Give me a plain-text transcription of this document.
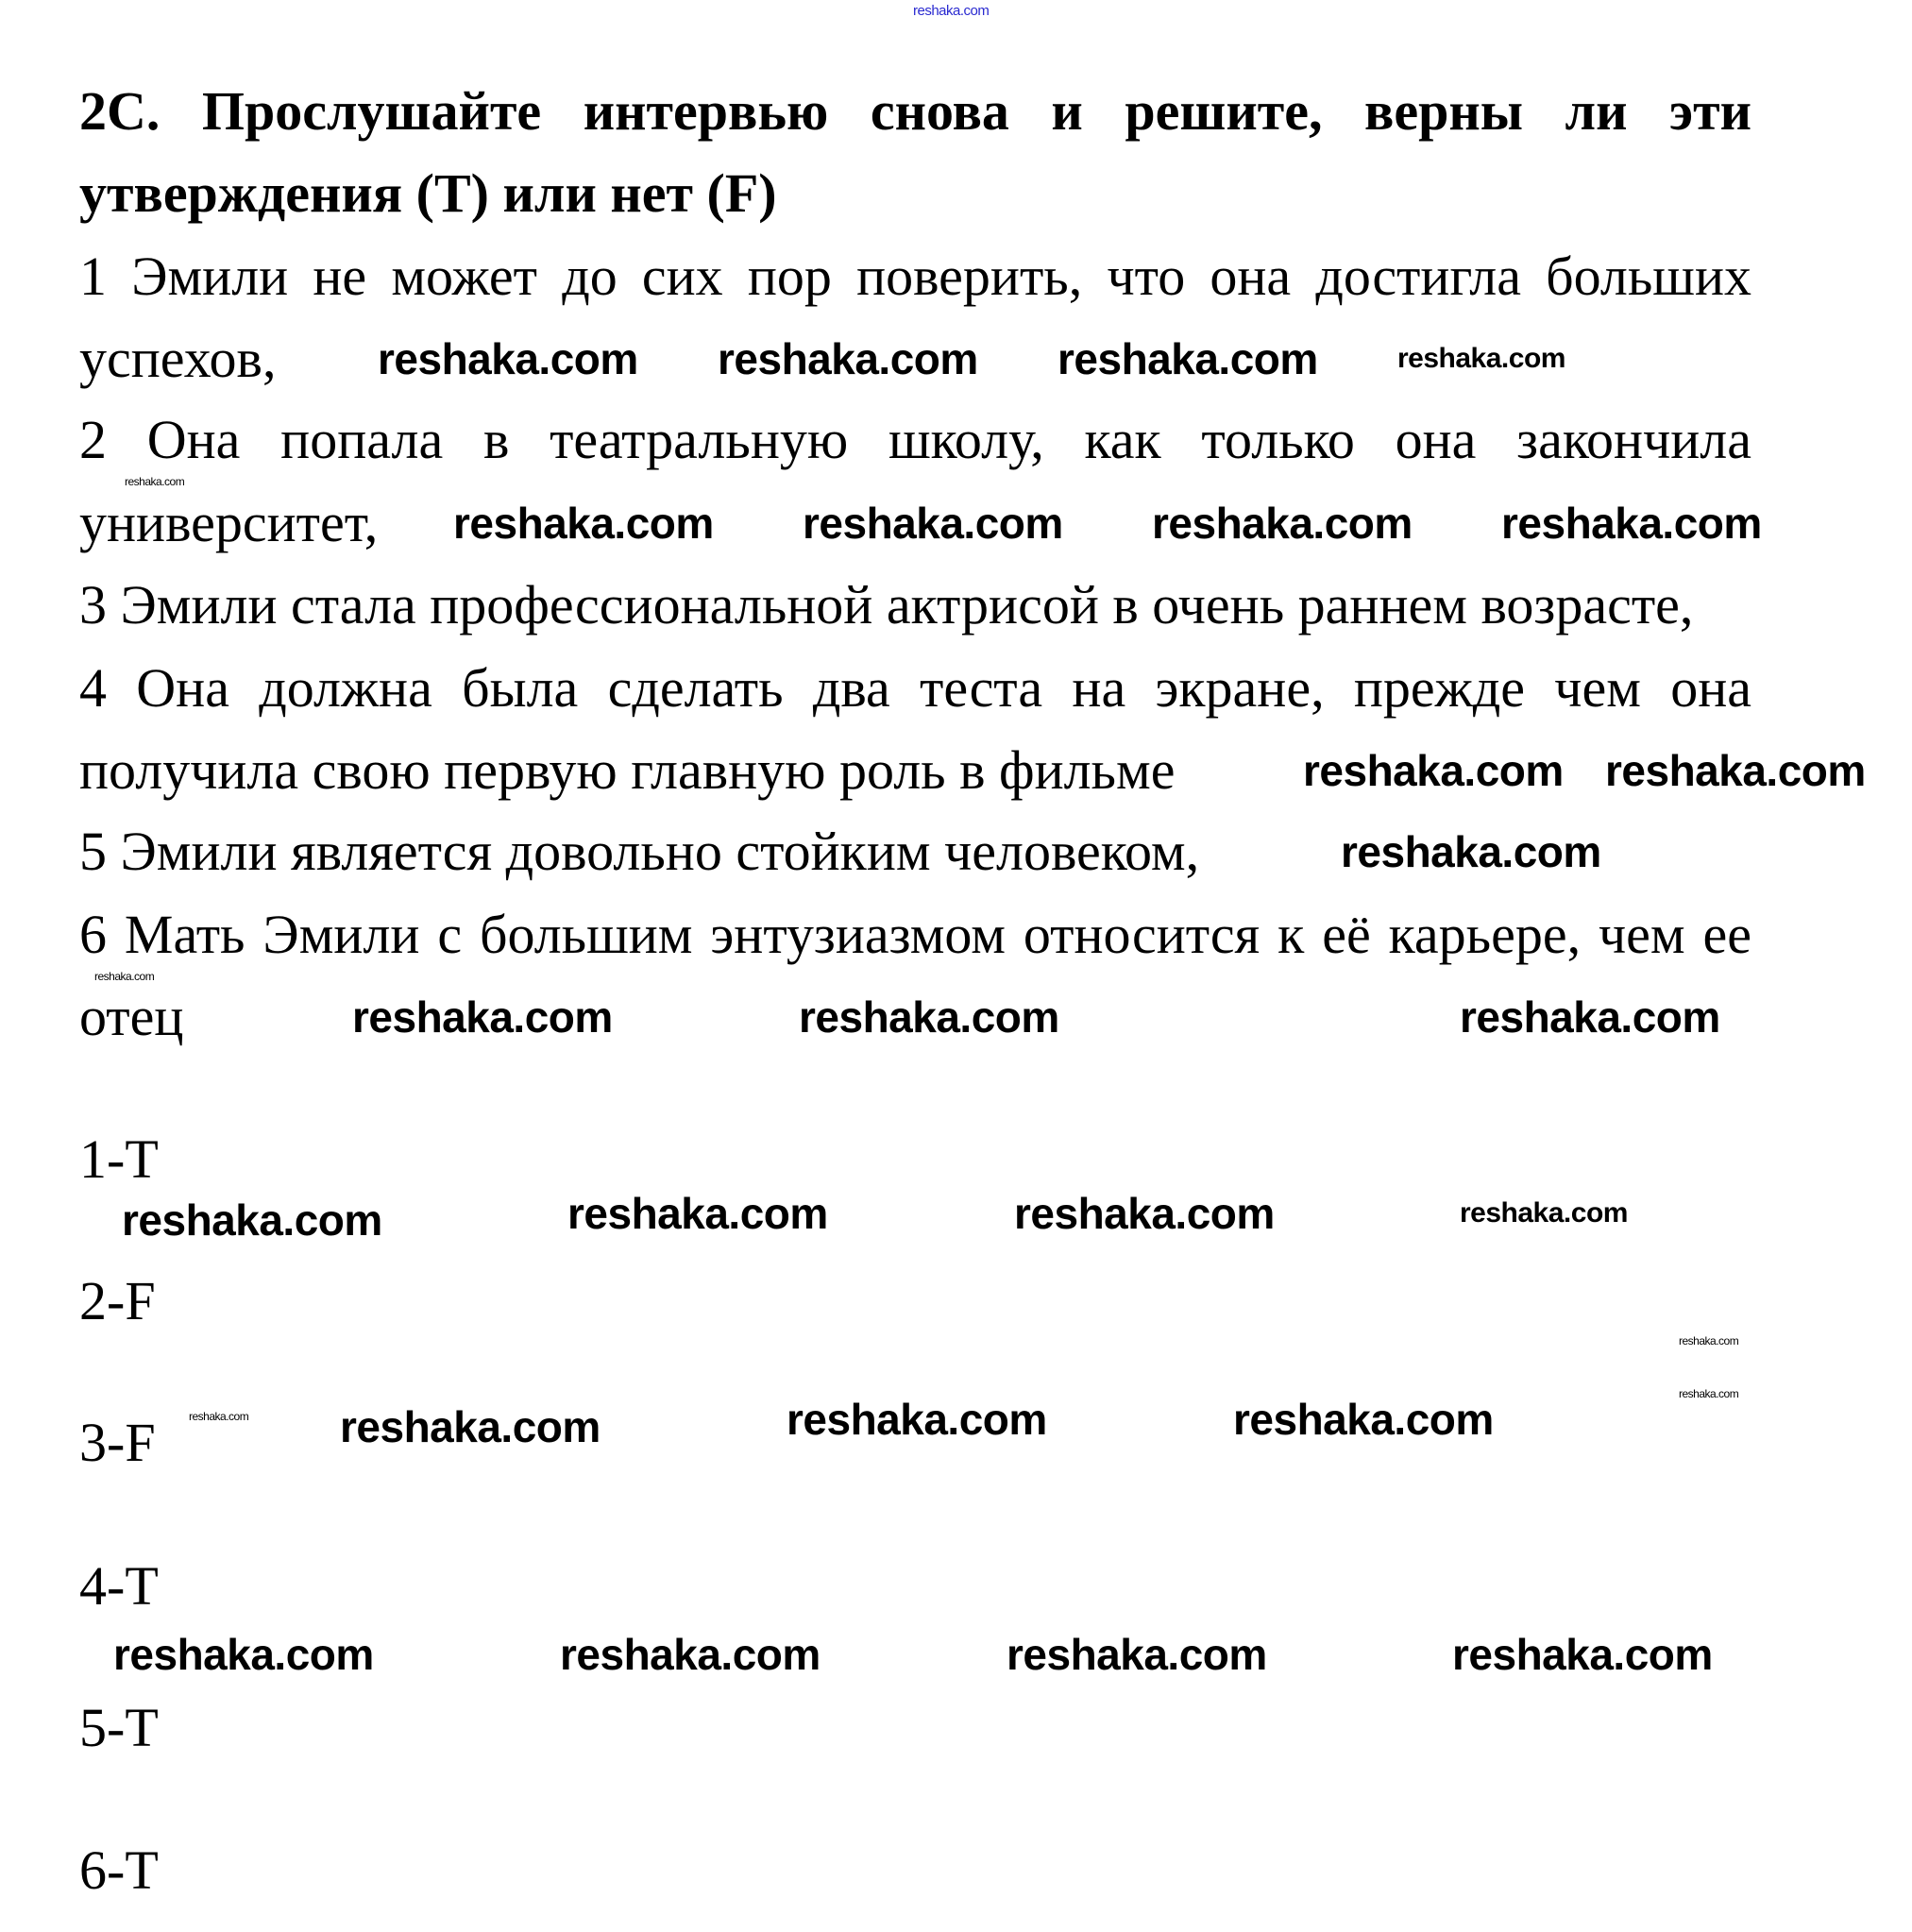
reshaka.com
2С. Прослушайте интервью снова и решите, верны ли эти
утверждения (T) или нет (F)
1 Эмили не может до сих пор поверить, что она достигла больших
успехов,
2 Она попала в театральную школу, как только она закончила
университет,
3 Эмили стала профессиональной актрисой в очень раннем возрасте,
4 Она должна была сделать два теста на экране, прежде чем она
получила свою первую главную роль в фильме
5 Эмили является довольно стойким человеком,
6 Мать Эмили с большим энтузиазмом относится к её карьере, чем ее
отец
1-T
2-F
3-F
4-T
5-T
6-T
reshaka.com reshaka.com reshaka.com	reshaka.com
reshaka.com
reshaka.com reshaka.com reshaka.com reshaka.com
reshaka.com reshaka.com
reshaka.com
reshaka.com
reshaka.com	reshaka.com	reshaka.com
reshaka.com	reshaka.com	reshaka.com	reshaka.com
reshaka.com
reshaka.com
reshaka.com reshaka.com	reshaka.com	reshaka.com
reshaka.com	reshaka.com	reshaka.com	reshaka.com
